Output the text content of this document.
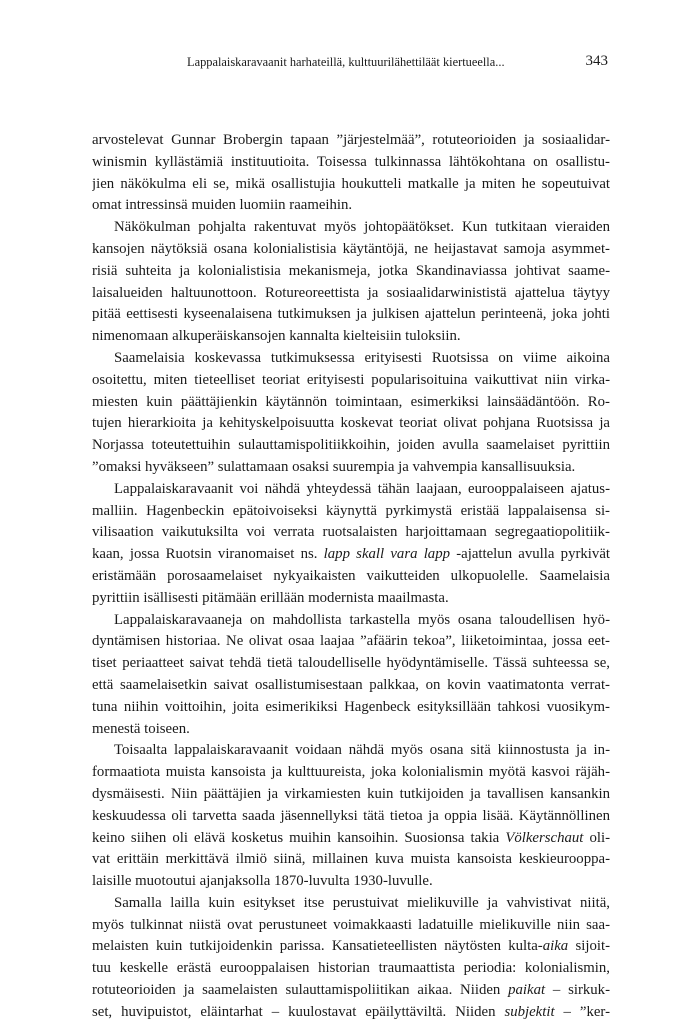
Lappalaiskaravaanit harhateillä, kulttuurilähettiläät kiertueella...	343
arvostelevat Gunnar Brobergin tapaan ”järjestelmää”, rotuteorioiden ja sosiaalidar-
winismin kyllästämiä instituutioita. Toisessa tulkinnassa lähtökohtana on osallistu-
jien näkökulma eli se, mikä osallistujia houkutteli matkalle ja miten he sopeutuivat
omat intressinsä muiden luomiin raameihin.
Näkökulman pohjalta rakentuvat myös johtopäätökset. Kun tutkitaan vieraiden
kansojen näytöksiä osana kolonialistisia käytäntöjä, ne heijastavat samoja asymmet-
risiä suhteita ja kolonialistisia mekanismeja, jotka Skandinaviassa johtivat saame-
laisalueiden haltuunottoon. Rotureoreettista ja sosiaalidarwinististä ajattelua täytyy
pitää eettisesti kyseenalaisena tutkimuksen ja julkisen ajattelun perinteenä, joka johti
nimenomaan alkuperäiskansojen kannalta kielteisiin tuloksiin.
Saamelaisia koskevassa tutkimuksessa erityisesti Ruotsissa on viime aikoina
osoitettu, miten tieteelliset teoriat erityisesti popularisoituina vaikuttivat niin virka-
miesten kuin päättäjienkin käytännön toimintaan, esimerkiksi lainsäädäntöön. Ro-
tujen hierarkioita ja kehityskelpoisuutta koskevat teoriat olivat pohjana Ruotsissa ja
Norjassa toteutettuihin sulauttamispolitiikkoihin, joiden avulla saamelaiset pyrittiin
”omaksi hyväkseen” sulattamaan osaksi suurempia ja vahvempia kansallisuuksia.
Lappalaiskaravaanit voi nähdä yhteydessä tähän laajaan, eurooppalaiseen ajatus-
malliin. Hagenbeckin epätoivoiseksi käynyttä pyrkimystä eristää lappalaisensa si-
vilisaation vaikutuksilta voi verrata ruotsalaisten harjoittamaan segregaatiopolitiik-
kaan, jossa Ruotsin viranomaiset ns. lapp skall vara lapp -ajattelun avulla pyrkivät
eristämään porosaamelaiset nykyaikaisten vaikutteiden ulkopuolelle. Saamelaisia
pyrittiin isällisesti pitämään erillään modernista maailmasta.
Lappalaiskaravaaneja on mahdollista tarkastella myös osana taloudellisen hyö-
dyntämisen historiaa. Ne olivat osaa laajaa ”afäärin tekoa”, liiketoimintaa, jossa eet-
tiset periaatteet saivat tehdä tietä taloudelliselle hyödyntämiselle. Tässä suhteessa se,
että saamelaisetkin saivat osallistumisestaan palkkaa, on kovin vaatimatonta verrat-
tuna niihin voittoihin, joita esimerikiksi Hagenbeck esityksillään tahkosi vuosikym-
menestä toiseen.
Toisaalta lappalaiskaravaanit voidaan nähdä myös osana sitä kiinnostusta ja in-
formaatiota muista kansoista ja kulttuureista, joka kolonialismin myötä kasvoi räjäh-
dysmäisesti. Niin päättäjien ja virkamiesten kuin tutkijoiden ja tavallisen kansankin
keskuudessa oli tarvetta saada jäsennellyksi tätä tietoa ja oppia lisää. Käytännöllinen
keino siihen oli elävä kosketus muihin kansoihin. Suosionsa takia Völkerschaut oli-
vat erittäin merkittävä ilmiö siinä, millainen kuva muista kansoista keskieurooppa-
laisille muotoutui ajanjaksolla 1870-luvulta 1930-luvulle.
Samalla lailla kuin esitykset itse perustuivat mielikuville ja vahvistivat niitä,
myös tulkinnat niistä ovat perustuneet voimakkaasti ladatuille mielikuville niin saa-
melaisten kuin tutkijoidenkin parissa. Kansatieteellisten näytösten kulta-aika sijoit-
tuu keskelle erästä eurooppalaisen historian traumaattista periodia: kolonialismin,
rotuteorioiden ja saamelaisten sulauttamispoliitikan aikaa. Niiden paikat – sirkuk-
set, huvipuistot, eläintarhat – kuulostavat epäilyttäviltä. Niiden subjektit – ”ker-
